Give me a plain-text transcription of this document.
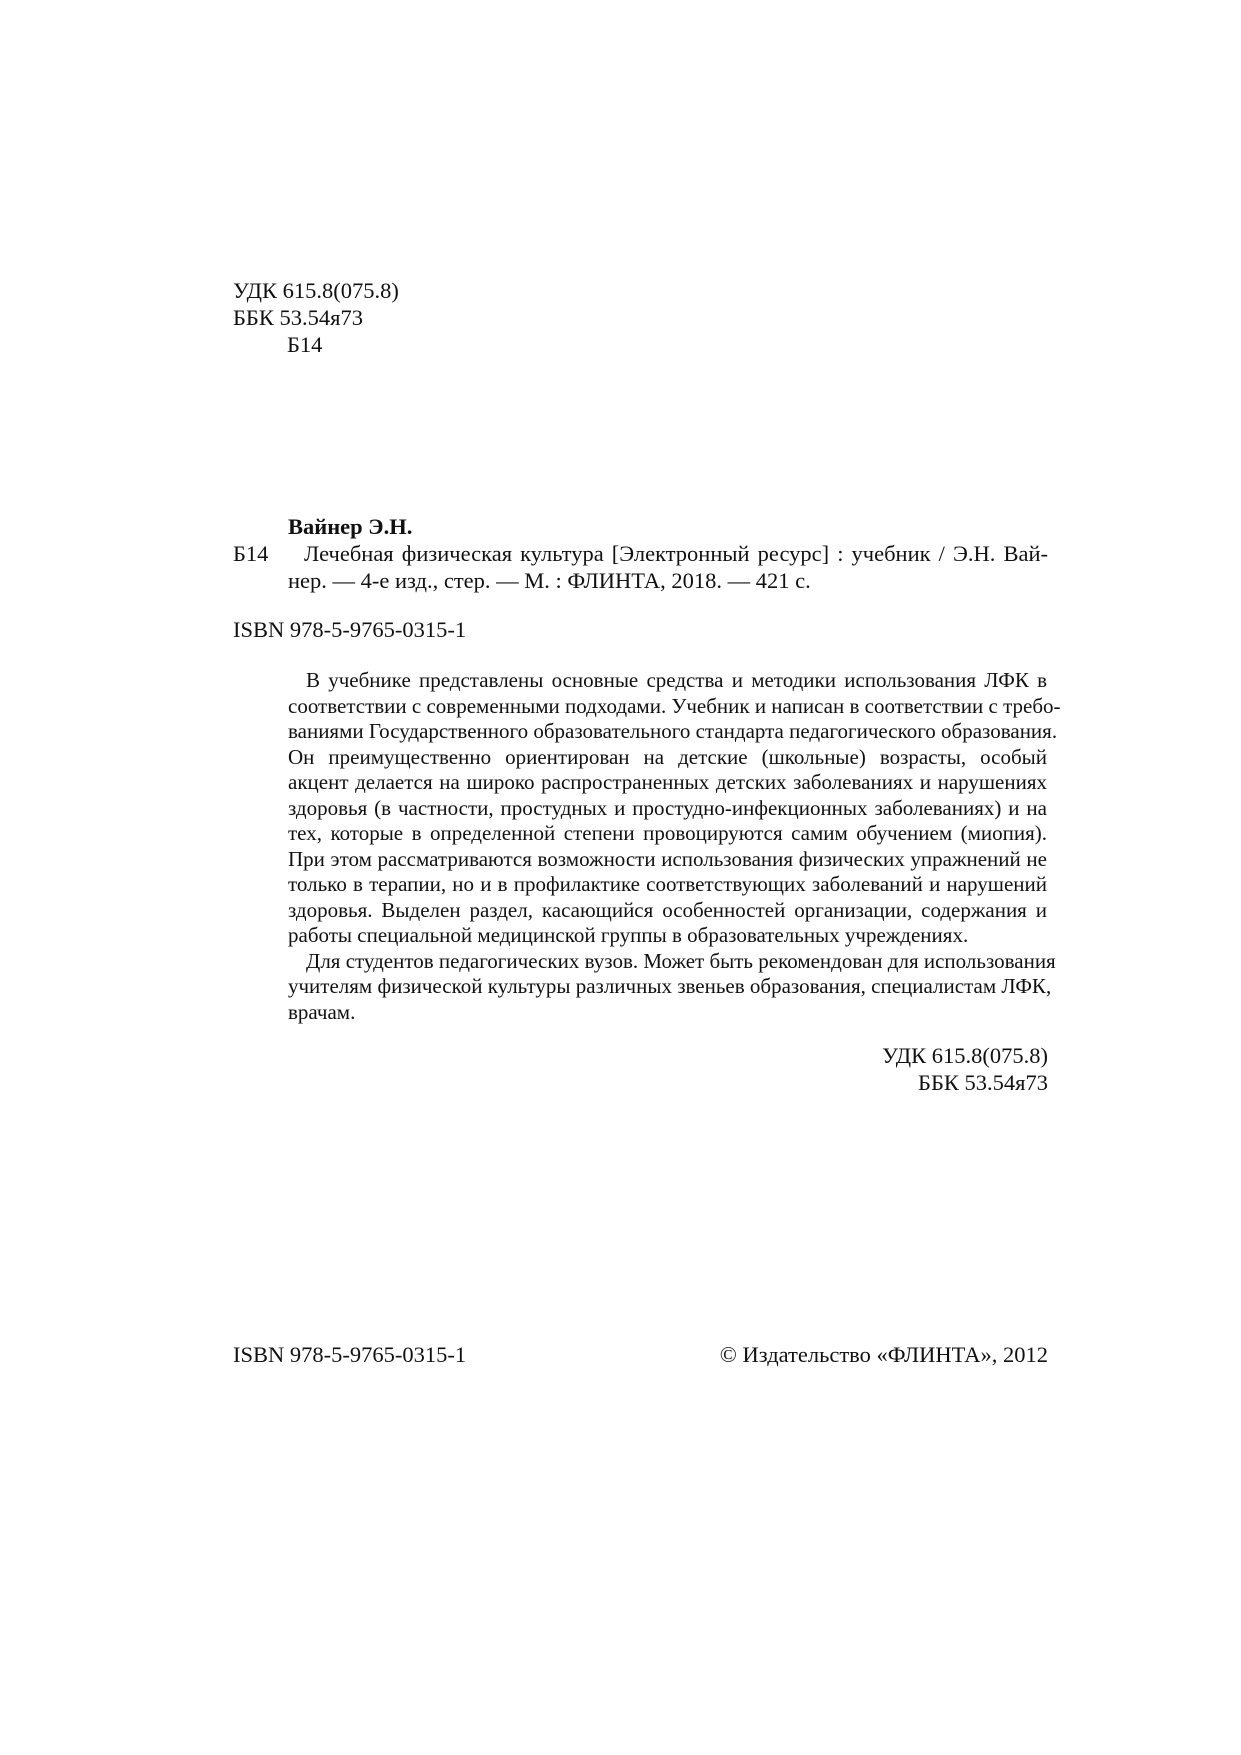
УДК 615.8(075.8)
ББК 53.54я73
Б14
Вайнер Э.Н.
Б14 Лечебная физическая культура [Электронный ресурс] : учебник / Э.Н. Вай-
нер. — 4-е изд., стер. — М. : ФЛИНТА, 2018. — 421 с.
ISBN 978-5-9765-0315-1
В учебнике представлены основные средства и методики использования ЛФК в
соответствии с современными подходами. Учебник и написан в соответствии с требо-
ваниями Государственного образовательного стандарта педагогического образования.
Он преимущественно ориентирован на детские (школьные) возрасты, особый
акцент делается на широко распространенных детских заболеваниях и нарушениях
здоровья (в частности, простудных и простудно-инфекционных заболеваниях) и на
тех, которые в определенной степени провоцируются самим обучением (миопия).
При этом рассматриваются возможности использования физических упражнений не
только в терапии, но и в профилактике соответствующих заболеваний и нарушений
здоровья. Выделен раздел, касающийся особенностей организации, содержания и
работы специальной медицинской группы в образовательных учреждениях.
Для студентов педагогических вузов. Может быть рекомендован для использования
учителям физической культуры различных звеньев образования, специалистам ЛФК,
врачам.
УДК 615.8(075.8)
ББК 53.54я73
ISBN 978-5-9765-0315-1	© Издательство «ФЛИНТА», 2012
